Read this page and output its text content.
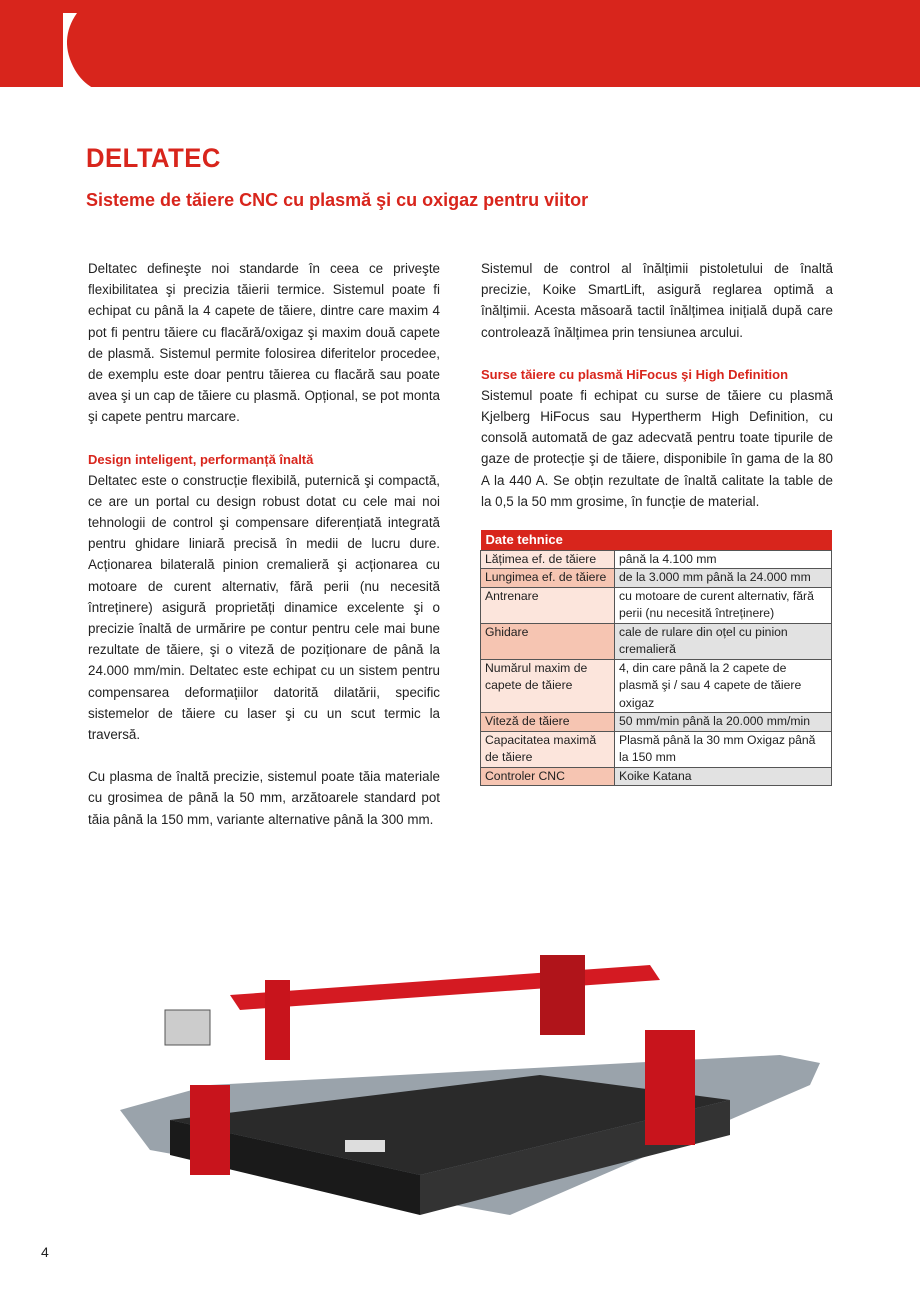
DELTATEC
Sisteme de tăiere CNC cu plasmă şi cu oxigaz pentru viitor

Deltatec defineşte noi standarde în ceea ce priveşte flexibilitatea şi precizia tăierii termice. Sistemul poate fi echipat cu până la 4 capete de tăiere, dintre care maxim 4 pot fi pentru tăiere cu flacără/oxigaz şi maxim două capete de plasmă. Sistemul permite folosirea diferitelor procedee, de exemplu este doar pentru tăierea cu flacără sau poate avea şi un cap de tăiere cu plasmă. Opțional, se pot monta şi capete pentru marcare.

Design inteligent, performanță înaltă

Deltatec este o construcție flexibilă, puternică şi compactă, ce are un portal cu design robust dotat cu cele mai noi tehnologii de control şi compensare diferențiată integrată pentru ghidare liniară precisă în medii de lucru dure. Acționarea bilaterală pinion cremalieră şi acționarea cu motoare de curent alternativ, fără perii (nu necesită întreținere) asigură proprietăți dinamice excelente şi o precizie înaltă de urmărire pe contur pentru cele mai bune rezultate de tăiere, şi o viteză de poziționare de până la 24.000 mm/min. Deltatec este echipat cu un sistem pentru compensarea deformațiilor datorită dilatării, specific sistemelor de tăiere cu laser şi cu un scut termic la traversă.

Cu plasma de înaltă precizie, sistemul poate tăia materiale cu grosimea de până la 50 mm, arzătoarele standard pot tăia până la 150 mm, variante alternative până la 300 mm.

Sistemul de control al înălțimii pistoletului de înaltă precizie, Koike SmartLift, asigură reglarea optimă a înălțimii. Acesta măsoară tactil înălțimea inițială după care controlează înălțimea prin tensiunea arcului.

Surse tăiere cu plasmă HiFocus şi High Definition

Sistemul poate fi echipat cu surse de tăiere cu plasmă Kjelberg HiFocus sau Hypertherm High Definition, cu consolă automată de gaz adecvată pentru toate tipurile de gaze de protecție şi de tăiere, disponibile în gama de la 80 A la 440 A. Se obțin rezultate de înaltă calitate la table de la 0,5 la 50 mm grosime, în funcție de material.

Date tehnice	
Lățimea ef. de tăiere	până la 4.100 mm
Lungimea ef. de tăiere	de la 3.000 mm până la 24.000 mm
Antrenare	cu motoare de curent alternativ, fără perii (nu necesită întreținere)
Ghidare	cale de rulare din oțel cu pinion cremalieră
Numărul maxim de capete de tăiere	4, din care până la 2 capete de plasmă şi / sau 4 capete de tăiere oxigaz
Viteză de tăiere	50 mm/min până la 20.000 mm/min
Capacitatea maximă de tăiere	Plasmă până la 30 mm Oxigaz până la 150 mm
Controler CNC	Koike Katana
4
